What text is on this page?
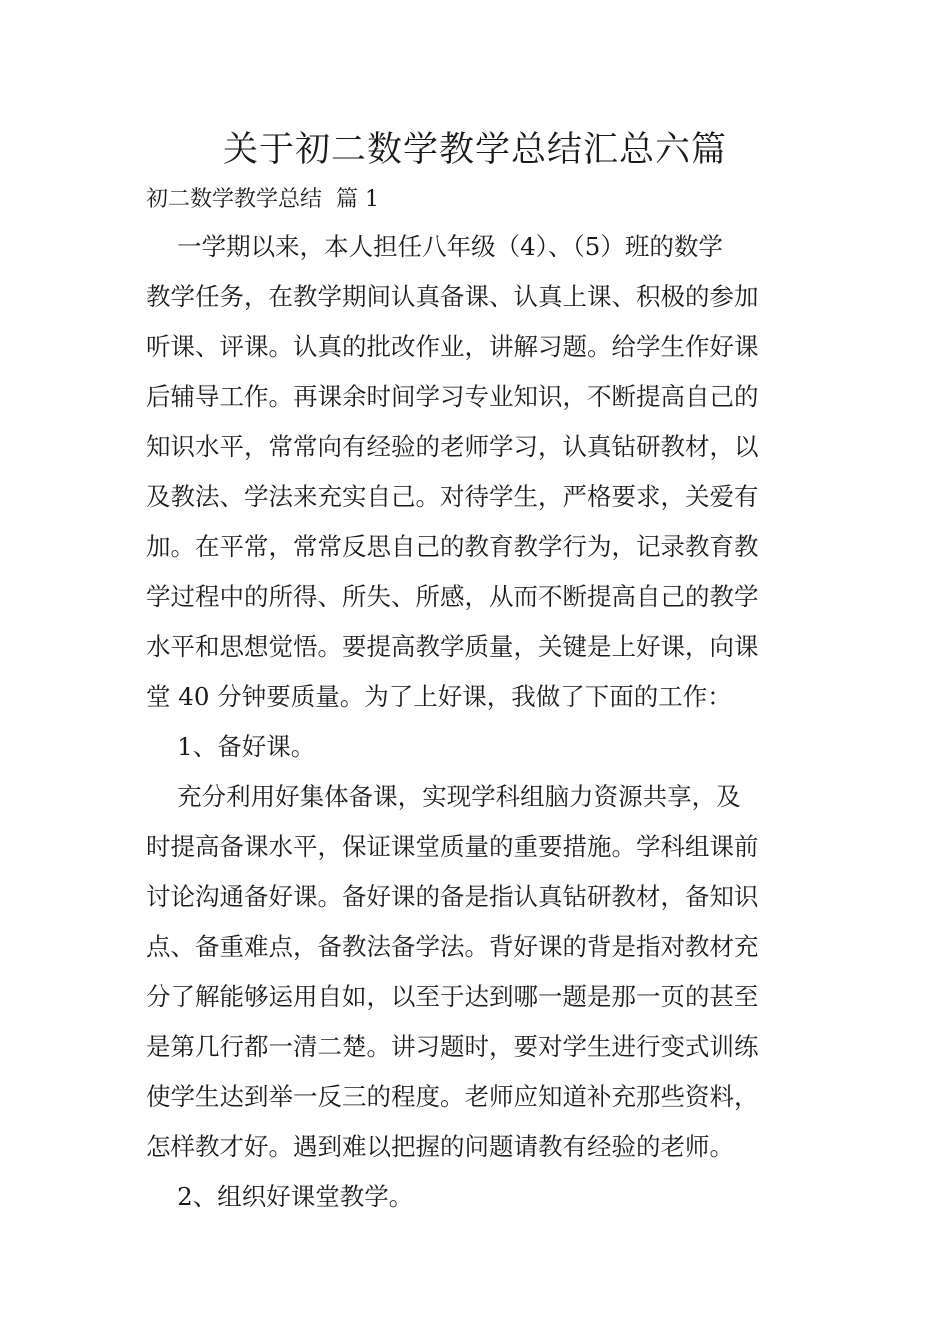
关于初二数学教学总结汇总六篇

初二数学教学总结  篇 1

一学期以来，本人担任八年级（4）、（5）班的数学

教学任务，在教学期间认真备课、认真上课、积极的参加

听课、评课。认真的批改作业，讲解习题。给学生作好课

后辅导工作。再课余时间学习专业知识，不断提高自己的

知识水平，常常向有经验的老师学习，认真钻研教材，以

及教法、学法来充实自己。对待学生，严格要求，关爱有

加。在平常，常常反思自己的教育教学行为，记录教育教

学过程中的所得、所失、所感，从而不断提高自己的教学

水平和思想觉悟。要提高教学质量，关键是上好课，向课

堂 40 分钟要质量。为了上好课，我做了下面的工作：

1、备好课。

充分利用好集体备课，实现学科组脑力资源共享，及

时提高备课水平，保证课堂质量的重要措施。学科组课前

讨论沟通备好课。备好课的备是指认真钻研教材，备知识

点、备重难点，备教法备学法。背好课的背是指对教材充

分了解能够运用自如，以至于达到哪一题是那一页的甚至

是第几行都一清二楚。讲习题时，要对学生进行变式训练

使学生达到举一反三的程度。老师应知道补充那些资料，

怎样教才好。遇到难以把握的问题请教有经验的老师。

2、组织好课堂教学。
